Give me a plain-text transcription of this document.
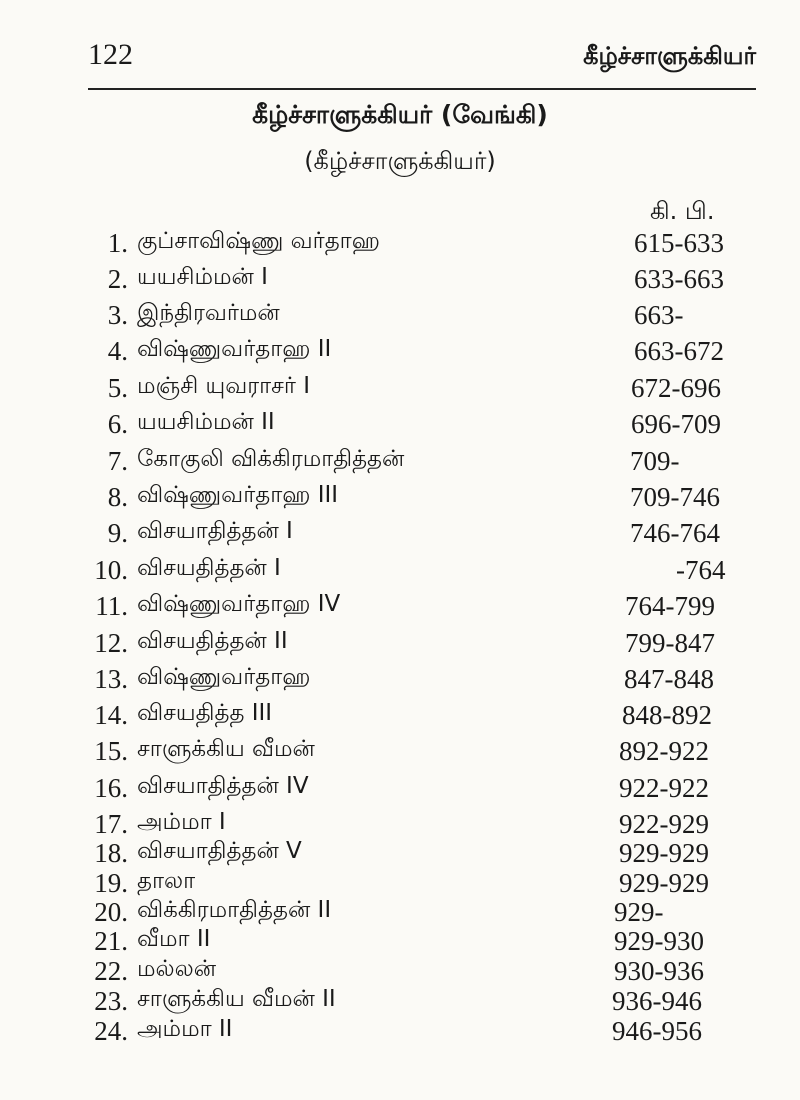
122	கீழ்ச்சாளுக்கியர்
கீழ்ச்சாளுக்கியர் (வேங்கி)
(கீழ்ச்சாளுக்கியர்)
கி. பி.
1. குப்சாவிஷ்ணு வர்தாஹ	615-633
2. யயசிம்மன் I	633-663
3. இந்திரவர்மன்	663-
4. விஷ்ணுவர்தாஹ II	663-672
5. மஞ்சி யுவராசர் I	672-696
6. யயசிம்மன் II	696-709
7. கோகுலி விக்கிரமாதித்தன்	709-
8. விஷ்ணுவர்தாஹ III	709-746
9. விசயாதித்தன் I	746-764
10. விசயதித்தன் I	-764
11. விஷ்ணுவர்தாஹ IV	764-799
12. விசயதித்தன் II	799-847
13. விஷ்ணுவர்தாஹ	847-848
14. விசயதித்த III	848-892
15. சாளுக்கிய வீமன்	892-922
16. விசயாதித்தன் IV	922-922
17. அம்மா I	922-929
18. விசயாதித்தன் V	929-929
19. தாலா	929-929
20. விக்கிரமாதித்தன் II	929-
21. வீமா II	929-930
22. மல்லன்	930-936
23. சாளுக்கிய வீமன் II	936-946
24. அம்மா II	946-956
